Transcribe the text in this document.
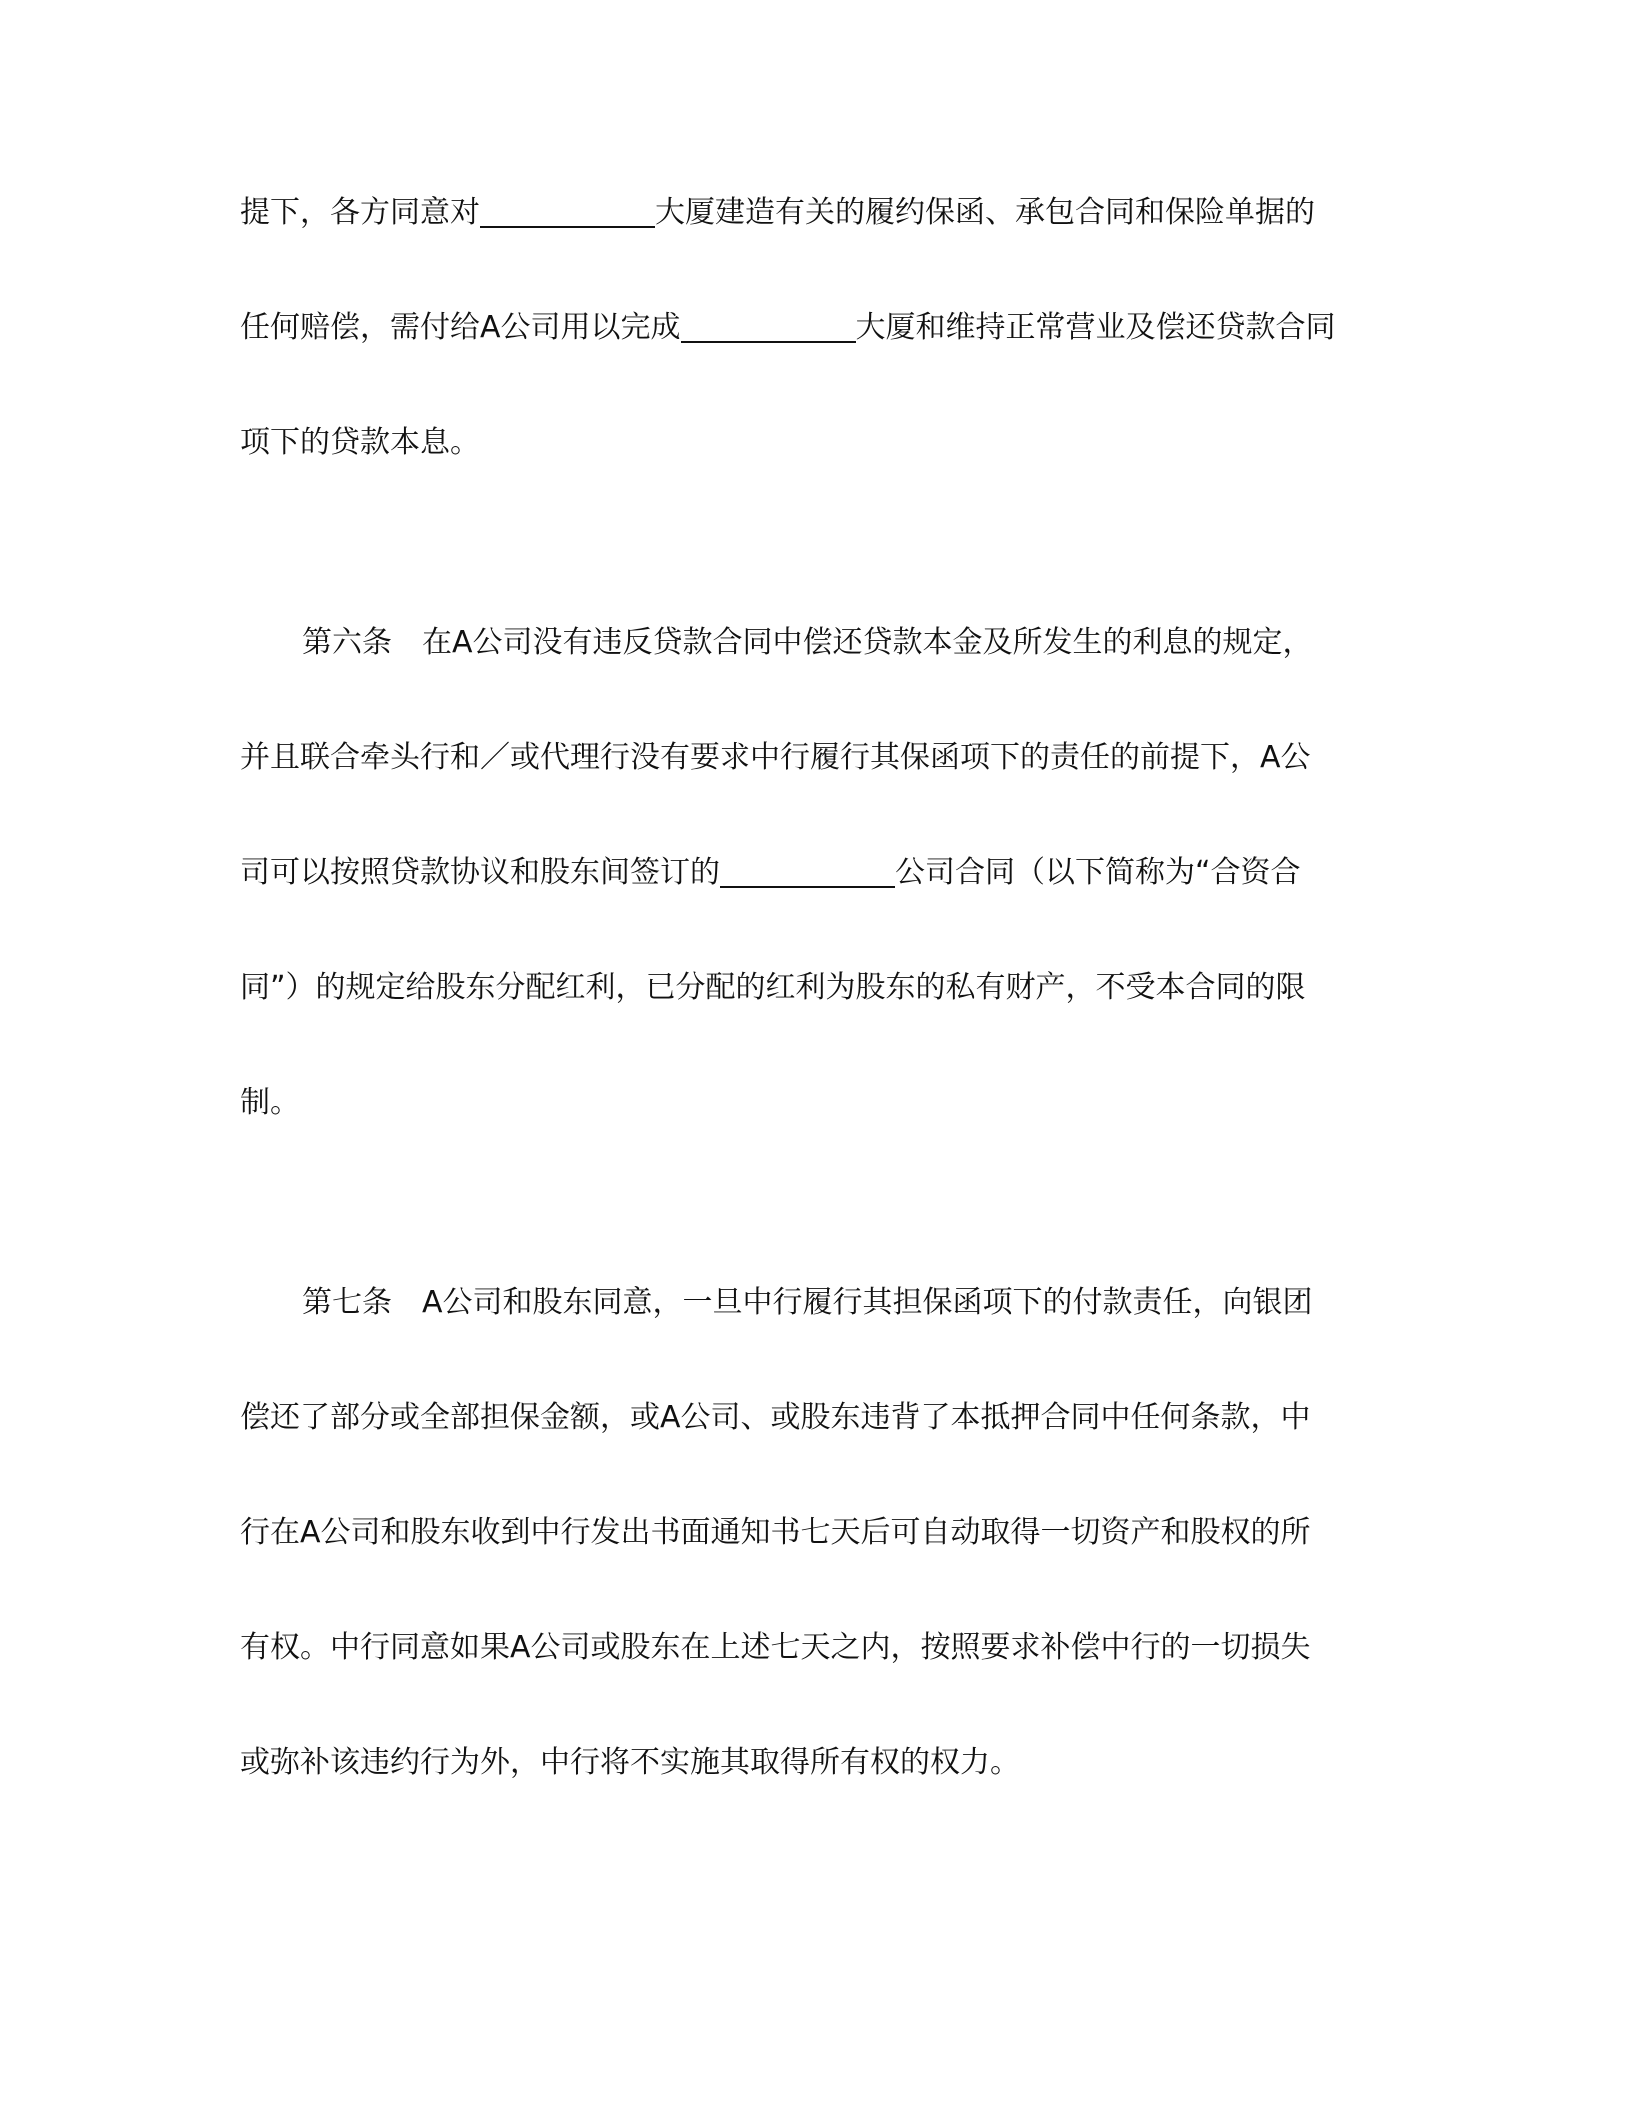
提下，各方同意对	大厦建造有关的履约保函、承包合同和保险单据的
任何赔偿，需付给A公司用以完成	大厦和维持正常营业及偿还贷款合同
项下的贷款本息。
第六条 在A公司没有违反贷款合同中偿还贷款本金及所发生的利息的规定，
并且联合牵头行和／或代理行没有要求中行履行其保函项下的责任的前提下，A公
司可以按照贷款协议和股东间签订的	公司合同（以下简称为“合资合
同”）的规定给股东分配红利，已分配的红利为股东的私有财产，不受本合同的限
制。
第七条 A公司和股东同意，一旦中行履行其担保函项下的付款责任，向银团
偿还了部分或全部担保金额，或A公司、或股东违背了本抵押合同中任何条款，中
行在A公司和股东收到中行发出书面通知书七天后可自动取得一切资产和股权的所
有权。中行同意如果A公司或股东在上述七天之内，按照要求补偿中行的一切损失
或弥补该违约行为外，中行将不实施其取得所有权的权力。
